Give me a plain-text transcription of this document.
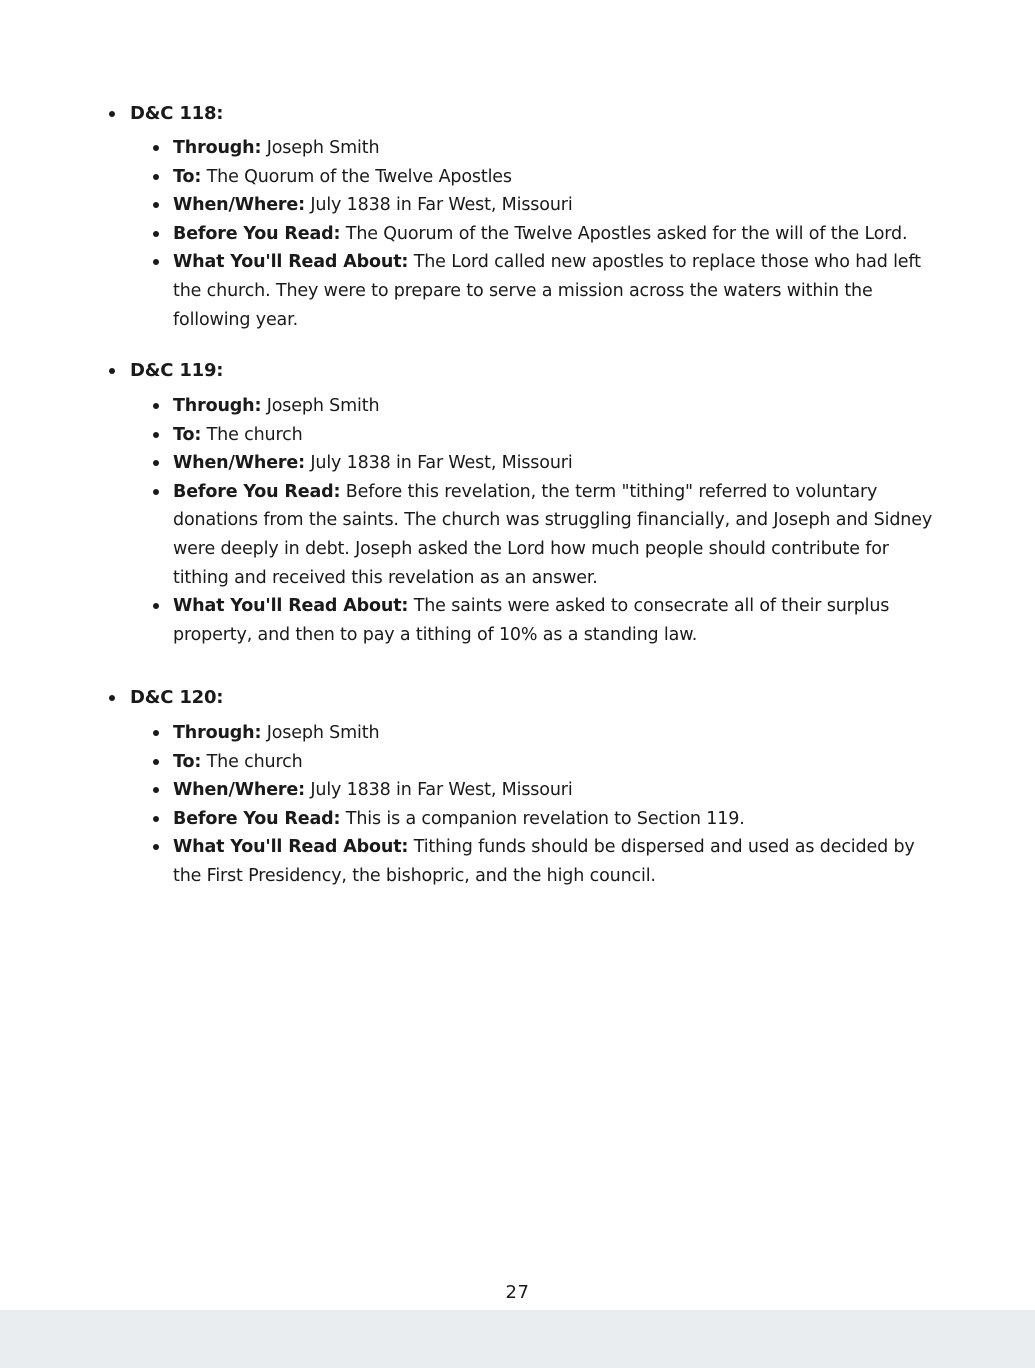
D&C 118:
Through: Joseph Smith
To: The Quorum of the Twelve Apostles
When/Where: July 1838 in Far West, Missouri
Before You Read: The Quorum of the Twelve Apostles asked for the will of the Lord.
What You'll Read About: The Lord called new apostles to replace those who had left the church. They were to prepare to serve a mission across the waters within the following year.
D&C 119:
Through: Joseph Smith
To: The church
When/Where: July 1838 in Far West, Missouri
Before You Read: Before this revelation, the term "tithing" referred to voluntary donations from the saints. The church was struggling financially, and Joseph and Sidney were deeply in debt. Joseph asked the Lord how much people should contribute for tithing and received this revelation as an answer.
What You'll Read About: The saints were asked to consecrate all of their surplus property, and then to pay a tithing of 10% as a standing law.
D&C 120:
Through: Joseph Smith
To: The church
When/Where: July 1838 in Far West, Missouri
Before You Read: This is a companion revelation to Section 119.
What You'll Read About: Tithing funds should be dispersed and used as decided by the First Presidency, the bishopric, and the high council.
27
